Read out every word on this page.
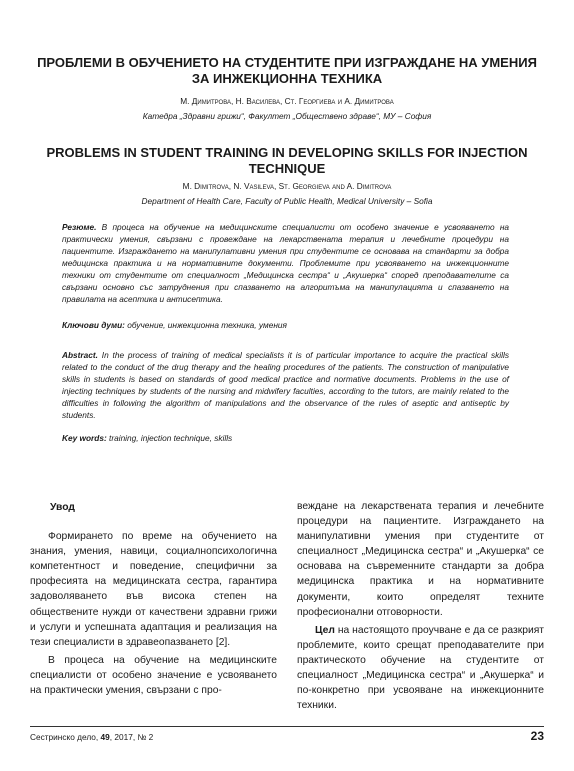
ПРОБЛЕМИ В ОБУЧЕНИЕТО НА СТУДЕНТИТЕ ПРИ ИЗГРАЖДАНЕ НА УМЕНИЯ ЗА ИНЖЕКЦИОННА ТЕХНИКА
М. Димитрова, Н. Василева, Ст. Георгиева и А. Димитрова
Катедра „Здравни грижи“, Факултет „Обществено здраве“, МУ – София
PROBLEMS IN STUDENT TRAINING IN DEVELOPING SKILLS FOR INJECTION TECHNIQUE
M. Dimitrova, N. Vasileva, St. Georgieva and A. Dimitrova
Department of Health Care, Faculty of Public Health, Medical University – Sofia
Резюме. В процеса на обучение на медицинските специалисти от особено значение е усвояването на практически умения, свързани с провеждане на лекарствената терапия и лечебните процедури на пациентите. Изграждането на манипулативни умения при студентите се основава на стандарти за добра медицинска практика и на нормативните документи. Проблемите при усвояването на инжекционните техники от студентите от специалност „Медицинска сестра“ и „Акушерка“ според преподавателите са свързани основно със затруднения при спазването на алгоритъма на манипулацията и спазването на правилата на асептика и антисептика.
Ключови думи: обучение, инжекционна техника, умения
Abstract. In the process of training of medical specialists it is of particular importance to acquire the practical skills related to the conduct of the drug therapy and the healing procedures of the patients. The construction of manipulative skills in students is based on standards of good medical practice and normative documents. Problems in the use of injecting techniques by students of the nursing and midwifery faculties, according to the tutors, are mainly related to the difficulties in following the algorithm of manipulations and the observance of the rules of aseptic and antiseptic by students.
Key words: training, injection technique, skills
Увод

Формирането по време на обучението на знания, умения, навици, социалнопсихологична компетентност и поведение, специфични за професията на медицинската сестра, гарантира задоволяването във висока степен на обществените нужди от качествени здравни грижи и услуги и успешната адаптация и реализация на тези специалисти в здравеопазването [2].

В процеса на обучение на медицинските специалисти от особено значение е усвояването на практически умения, свързани с про-

веждане на лекарствената терапия и лечебните процедури на пациентите. Изграждането на манипулативни умения при студентите от специалност „Медицинска сестра“ и „Акушерка“ се основава на съвременните стандарти за добра медицинска практика и на нормативните документи, които определят техните професионални отговорности.

Цел на настоящото проучване е да се разкрият проблемите, които срещат преподавателите при практическото обучение на студентите от специалност „Медицинска сестра“ и „Акушерка“ и по-конкретно при усвояване на инжекционните техники.

Сестринско дело, 49, 2017, № 2	23
